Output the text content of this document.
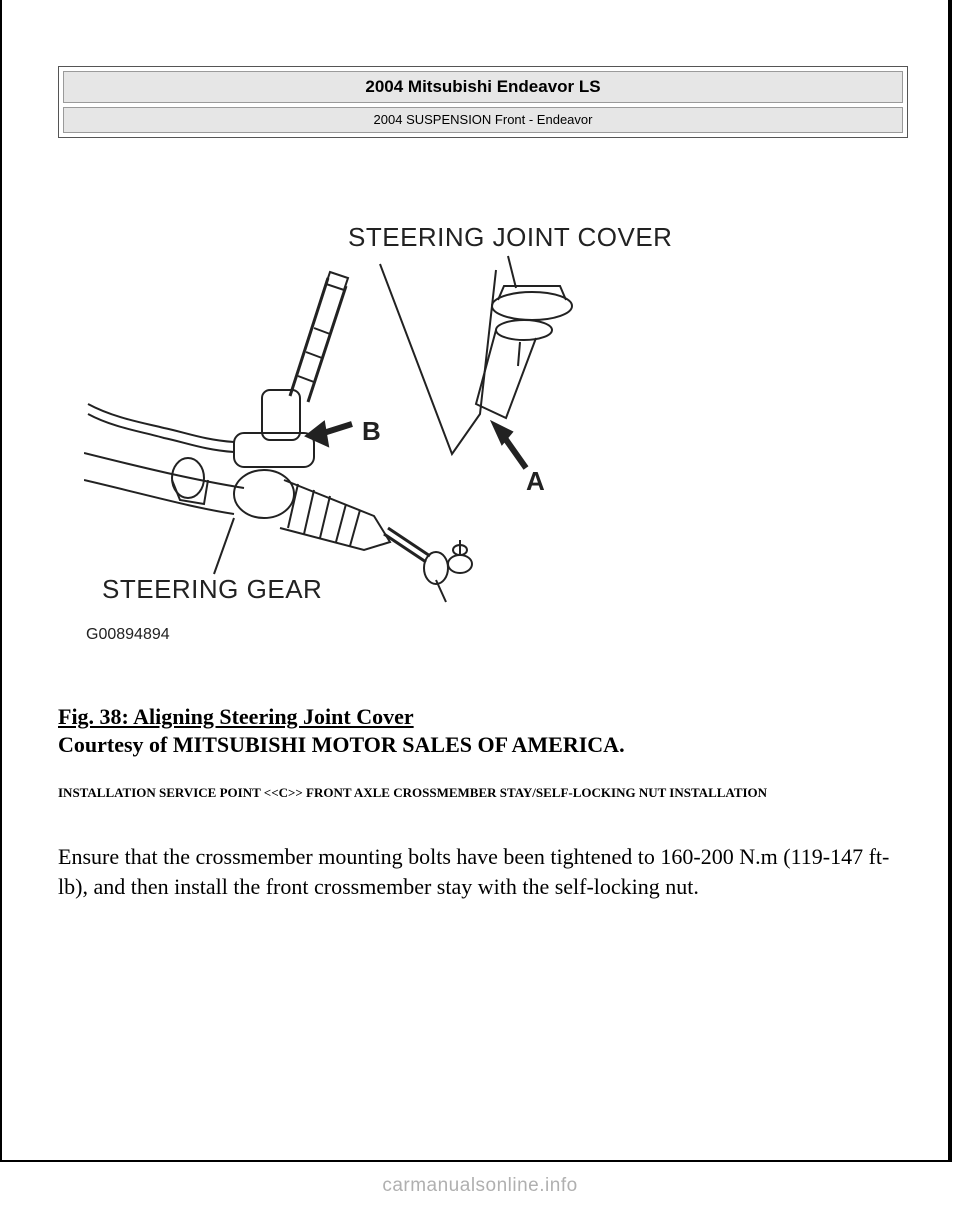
2004 Mitsubishi Endeavor LS
2004 SUSPENSION Front - Endeavor
STEERING JOINT COVER
B
A
STEERING GEAR
G00894894
Fig. 38: Aligning Steering Joint Cover
Courtesy of MITSUBISHI MOTOR SALES OF AMERICA.
INSTALLATION SERVICE POINT <<C>> FRONT AXLE CROSSMEMBER STAY/SELF-LOCKING NUT INSTALLATION
Ensure that the crossmember mounting bolts have been tightened to 160-200 N.m (119-147 ft-lb), and then install the front crossmember stay with the self-locking nut.
carmanualsonline.info
